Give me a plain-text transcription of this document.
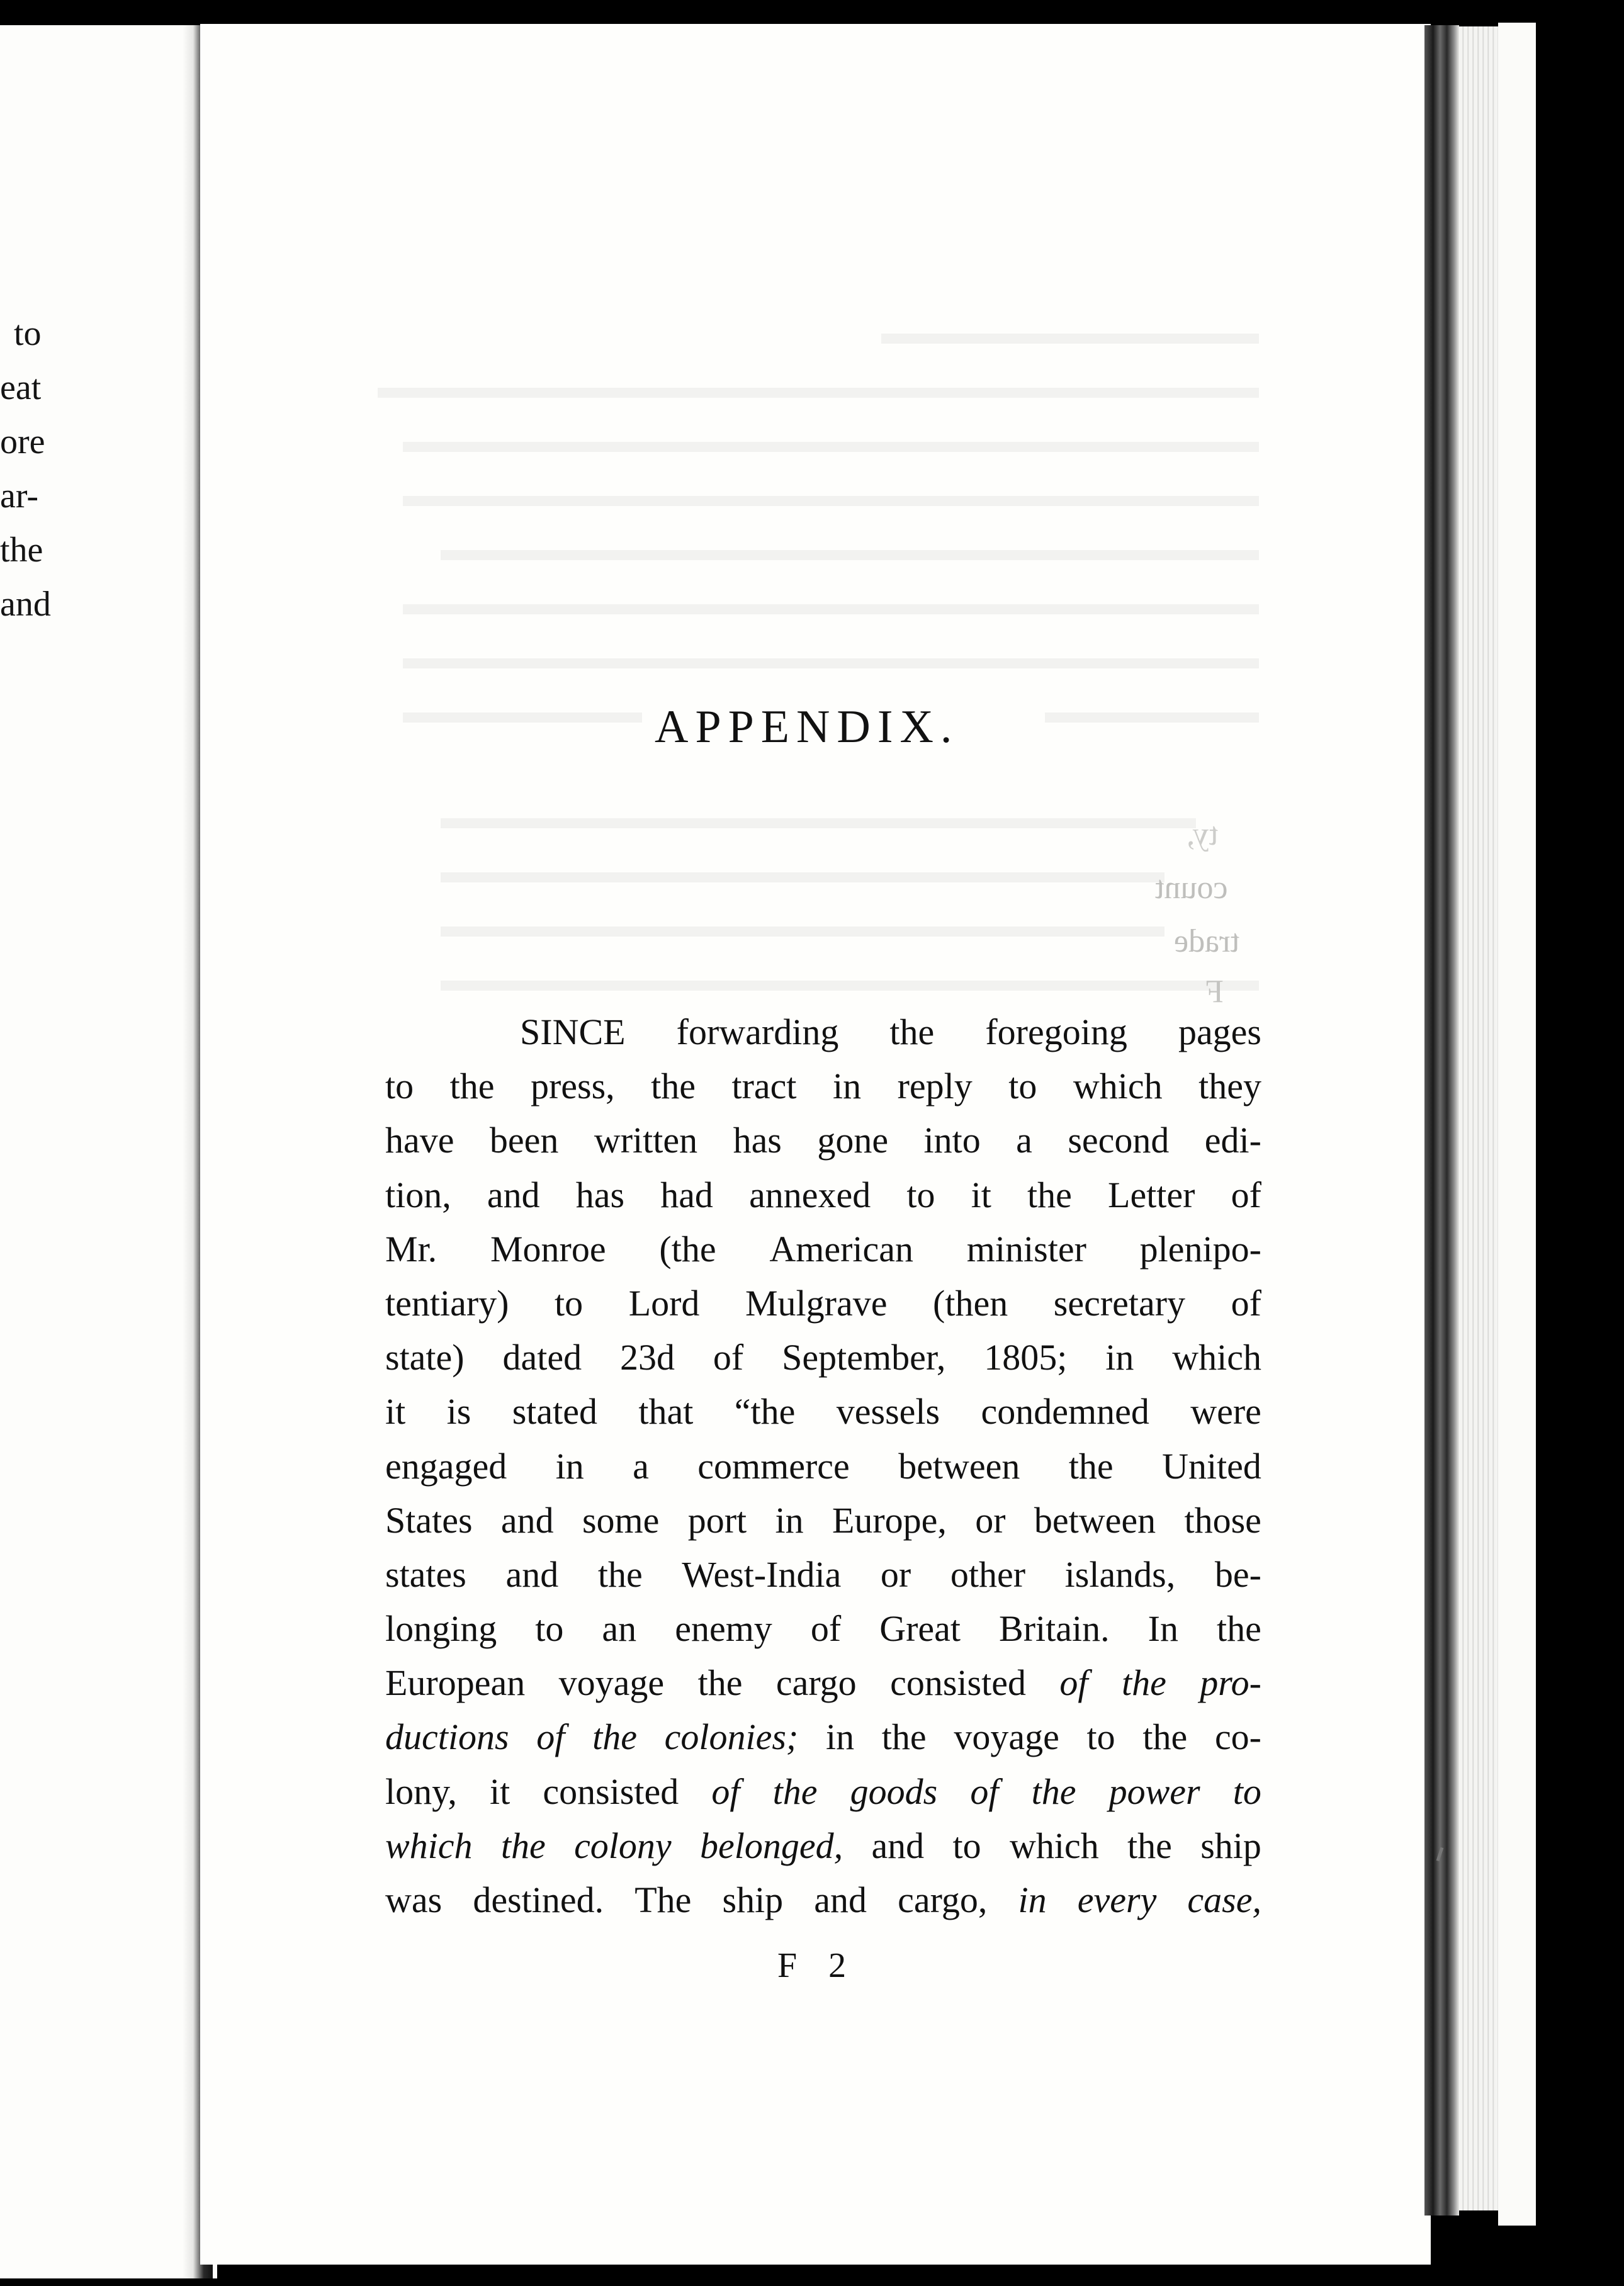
to
eat
ore
ar-
the
and
ty,
count
trade
F
APPENDIX.
SINCE forwarding the foregoing pages
to the press, the tract in reply to which they
have been written has gone into a second edi-
tion, and has had annexed to it the Letter of
Mr. Monroe (the American minister plenipo-
tentiary) to Lord Mulgrave (then secretary of
state) dated 23d of September, 1805; in which
it is stated that “the vessels condemned were
engaged in a commerce between the United
States and some port in Europe, or between those
states and the West-India or other islands, be-
longing to an enemy of Great Britain. In the
European voyage the cargo consisted of the pro-
ductions of the colonies; in the voyage to the co-
lony, it consisted of the goods of the power to
which the colony belonged, and to which the ship
was destined. The ship and cargo, in every case,
F 2
